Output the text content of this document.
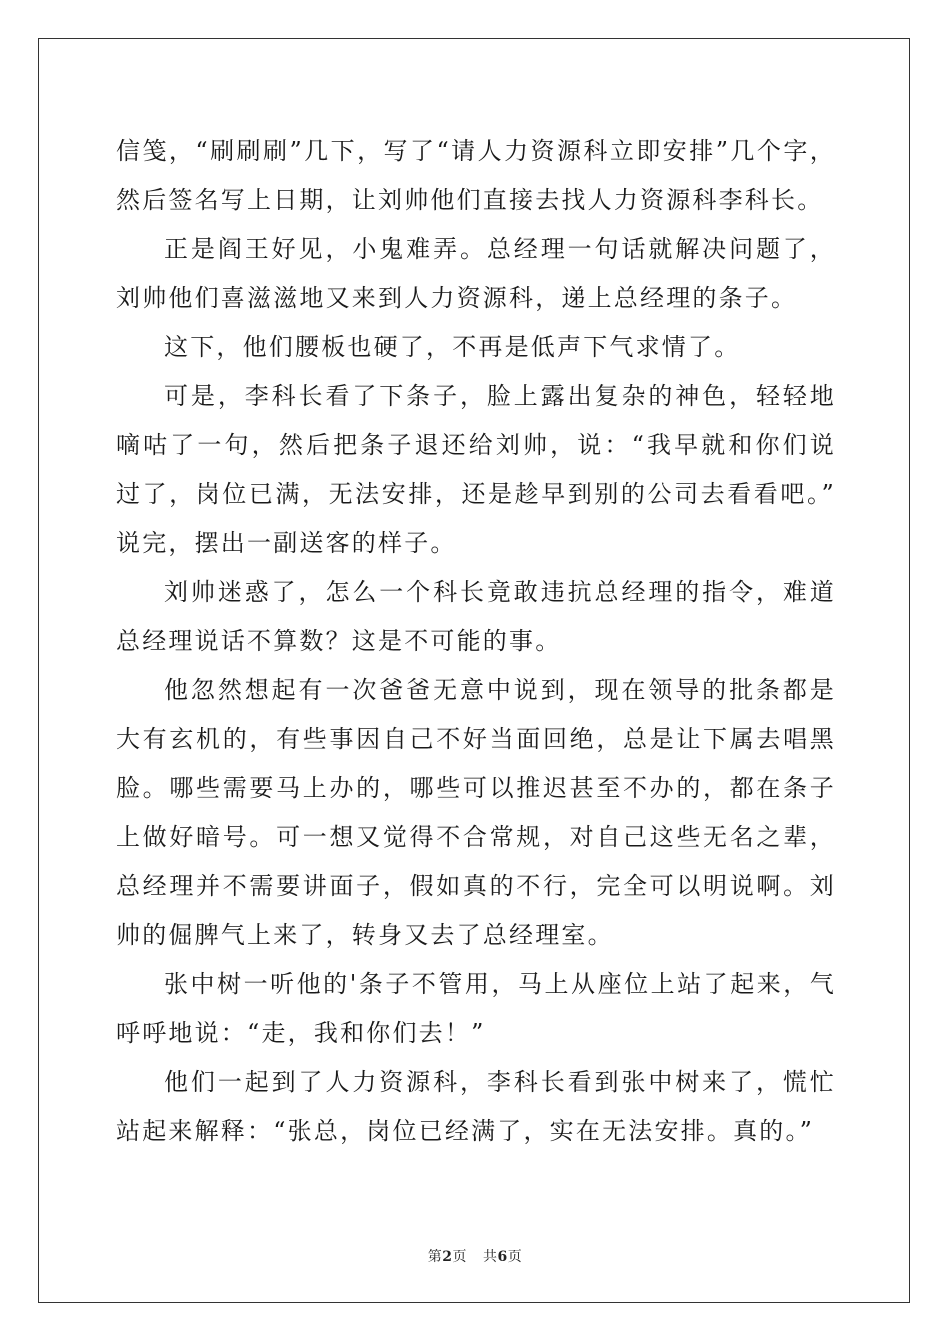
信笺，“刷刷刷”几下，写了“请人力资源科立即安排”几个字，然后签名写上日期，让刘帅他们直接去找人力资源科李科长。

正是阎王好见，小鬼难弄。总经理一句话就解决问题了，刘帅他们喜滋滋地又来到人力资源科，递上总经理的条子。

这下，他们腰板也硬了，不再是低声下气求情了。

可是，李科长看了下条子，脸上露出复杂的神色，轻轻地嘀咕了一句，然后把条子退还给刘帅，说：“我早就和你们说过了，岗位已满，无法安排，还是趁早到别的公司去看看吧。”说完，摆出一副送客的样子。

刘帅迷惑了，怎么一个科长竟敢违抗总经理的指令，难道总经理说话不算数？这是不可能的事。

他忽然想起有一次爸爸无意中说到，现在领导的批条都是大有玄机的，有些事因自己不好当面回绝，总是让下属去唱黑脸。哪些需要马上办的，哪些可以推迟甚至不办的，都在条子上做好暗号。可一想又觉得不合常规，对自己这些无名之辈，总经理并不需要讲面子，假如真的不行，完全可以明说啊。刘帅的倔脾气上来了，转身又去了总经理室。

张中树一听他的'条子不管用，马上从座位上站了起来，气呼呼地说：“走，我和你们去！”

他们一起到了人力资源科，李科长看到张中树来了，慌忙站起来解释：“张总，岗位已经满了，实在无法安排。真的。”

第2页 共6页
